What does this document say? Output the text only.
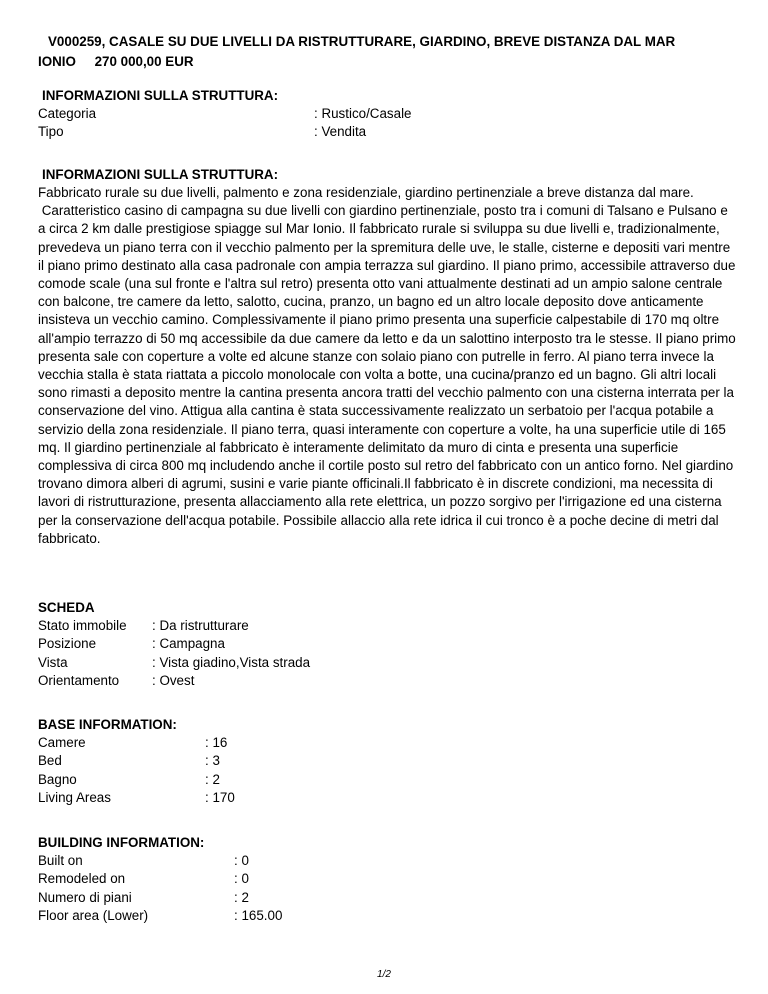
V000259, CASALE SU DUE LIVELLI DA RISTRUTTURARE, GIARDINO, BREVE DISTANZA DAL MAR IONIO 270 000,00 EUR
INFORMAZIONI SULLA STRUTTURA:
Categoria	: Rustico/Casale
Tipo	: Vendita
INFORMAZIONI SULLA STRUTTURA:
Fabbricato rurale su due livelli, palmento e zona residenziale, giardino pertinenziale a breve distanza dal mare.
Caratteristico casino di campagna su due livelli con giardino pertinenziale, posto tra i comuni di Talsano e Pulsano e a circa 2 km dalle prestigiose spiagge sul Mar Ionio. Il fabbricato rurale si sviluppa su due livelli e, tradizionalmente, prevedeva un piano terra con il vecchio palmento per la spremitura delle uve, le stalle, cisterne e depositi vari mentre il piano primo destinato alla casa padronale con ampia terrazza sul giardino. Il piano primo, accessibile attraverso due comode scale (una sul fronte e l'altra sul retro) presenta otto vani attualmente destinati ad un ampio salone centrale con balcone, tre camere da letto, salotto, cucina, pranzo, un bagno ed un altro locale deposito dove anticamente insisteva un vecchio camino. Complessivamente il piano primo presenta una superficie calpestabile di 170 mq oltre all'ampio terrazzo di 50 mq accessibile da due camere da letto e da un salottino interposto tra le stesse. Il piano primo presenta sale con coperture a volte ed alcune stanze con solaio piano con putrelle in ferro. Al piano terra invece la vecchia stalla è stata riattata a piccolo monolocale con volta a botte, una cucina/pranzo ed un bagno. Gli altri locali sono rimasti a deposito mentre la cantina presenta ancora tratti del vecchio palmento con una cisterna interrata per la conservazione del vino. Attigua alla cantina è stata successivamente realizzato un serbatoio per l'acqua potabile a servizio della zona residenziale. Il piano terra, quasi interamente con coperture a volte, ha una superficie utile di 165 mq. Il giardino pertinenziale al fabbricato è interamente delimitato da muro di cinta e presenta una superficie complessiva di circa 800 mq includendo anche il cortile posto sul retro del fabbricato con un antico forno. Nel giardino trovano dimora alberi di agrumi, susini e varie piante officinali.Il fabbricato è in discrete condizioni, ma necessita di lavori di ristrutturazione, presenta allacciamento alla rete elettrica, un pozzo sorgivo per l'irrigazione ed una cisterna per la conservazione dell'acqua potabile. Possibile allaccio alla rete idrica il cui tronco è a poche decine di metri dal fabbricato.
SCHEDA
Stato immobile : Da ristrutturare
Posizione	: Campagna
Vista	: Vista giadino,Vista strada
Orientamento : Ovest
BASE INFORMATION:
Camere	: 16
Bed	: 3
Bagno	: 2
Living Areas	: 170
BUILDING INFORMATION:
Built on	: 0
Remodeled on	: 0
Numero di piani	: 2
Floor area (Lower)	: 165.00
1/2
